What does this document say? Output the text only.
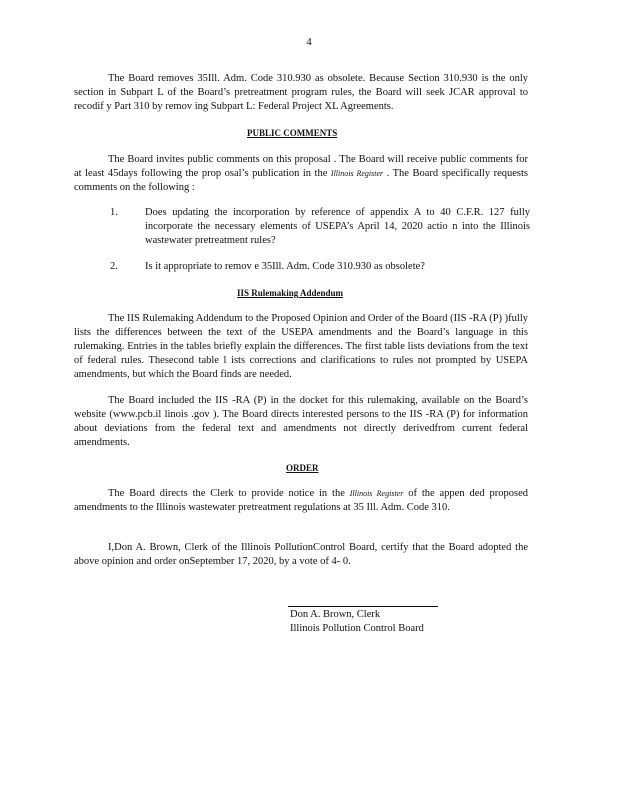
4
The Board removes 35Ill. Adm. Code 310.930 as obsolete. Because Section 310.930 is the only section in Subpart L of the Board’s pretreatment program rules, the Board will seek JCAR approval to recodif y Part 310 by remov ing Subpart L: Federal Project XL Agreements.
PUBLIC COMMENTS
The Board invites public comments on this proposal . The Board will receive public comments for at least 45days following the prop osal’s publication in the Illinois Register . The Board specifically requests comments on the following :
1.	Does updating the incorporation by reference of appendix A to 40 C.F.R. 127 fully incorporate the necessary elements of USEPA’s April 14, 2020 actio n into the Illinois wastewater pretreatment rules?
2.	Is it appropriate to remov e 35Ill. Adm. Code 310.930 as obsolete?
IIS Rulemaking Addendum
The IIS Rulemaking Addendum to the Proposed Opinion and Order of the Board (IIS -RA (P) )fully lists the differences between the text of the USEPA amendments and the Board’s language in this rulemaking. Entries in the tables briefly explain the differences. The first table lists deviations from the text of federal rules. Thesecond table l ists corrections and clarifications to rules not prompted by USEPA amendments, but which the Board finds are needed.
The Board included the IIS -RA (P) in the docket for this rulemaking, available on the Board’s website (www.pcb.il linois .gov ). The Board directs interested persons to the IIS -RA (P) for information about deviations from the federal text and amendments not directly derivedfrom current federal amendments.
ORDER
The Board directs the Clerk to provide notice in the Illinois Register of the appen ded proposed amendments to the Illinois wastewater pretreatment regulations at 35 Ill. Adm. Code 310.
I,Don A. Brown, Clerk of the Illinois PollutionControl Board, certify that the Board adopted the above opinion and order onSeptember 17, 2020, by a vote of 4- 0.
Don A. Brown, Clerk
Illinois Pollution Control Board
